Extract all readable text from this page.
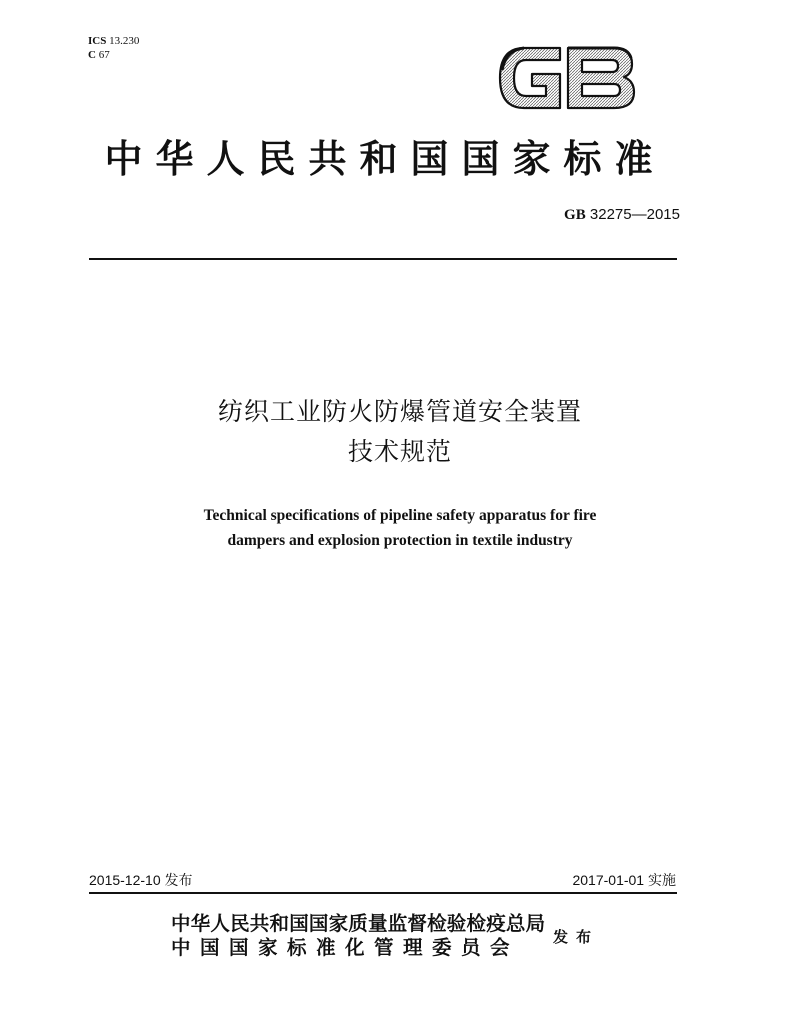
ICS 13.230
C 67
中华人民共和国国家标准
GB 32275—2015
纺织工业防火防爆管道安全装置
技术规范
Technical specifications of pipeline safety apparatus for fire
dampers and explosion protection in textile industry
2015-12-10 发布	2017-01-01 实施
中华人民共和国国家质量监督检验检疫总局
中国国家标准化管理委员会	发布
